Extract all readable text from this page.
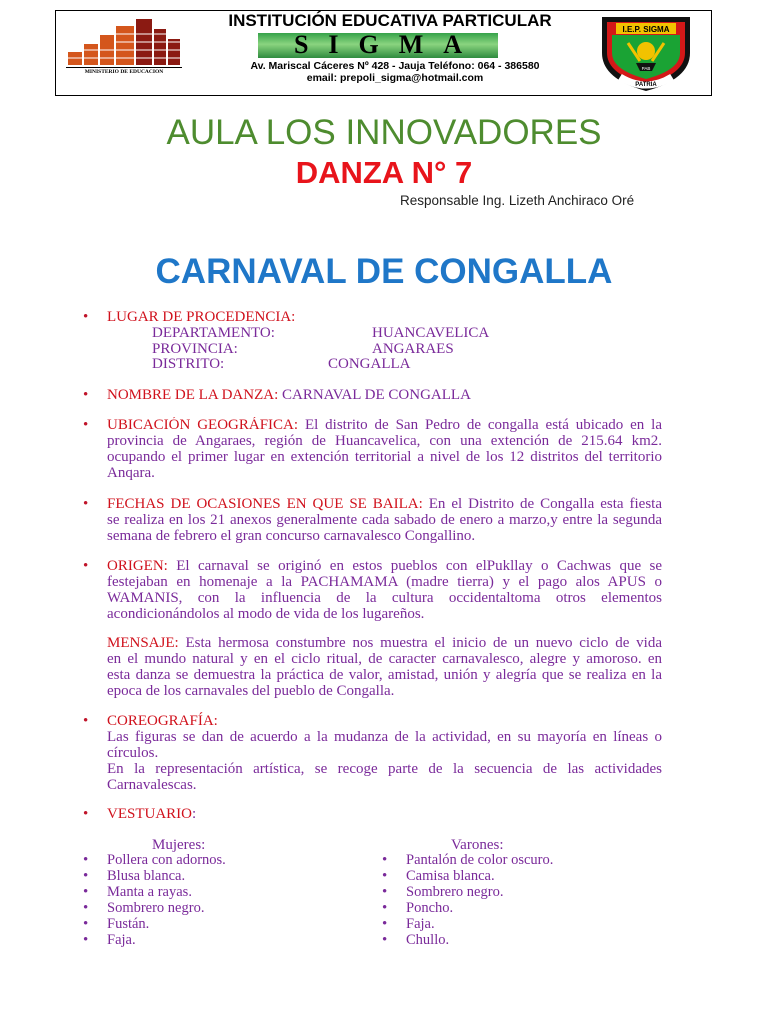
MINISTERIO DE EDUCACION
INSTITUCIÓN EDUCATIVA PARTICULAR
SIGMA
Av. Mariscal Cáceres Nº 428 - Jauja Teléfono: 064 - 386580
email: prepoli_sigma@hotmail.com
I.E.P. SIGMA
PAB
PATRIA
AULA LOS INNOVADORES
DANZA N° 7
Responsable Ing. Lizeth Anchiraco Oré
CARNAVAL DE CONGALLA
• LUGAR DE PROCEDENCIA:
DEPARTAMENTO:	HUANCAVELICA
PROVINCIA:	ANGARAES
DISTRITO:	CONGALLA
• NOMBRE DE LA DANZA: CARNAVAL DE CONGALLA
• UBICACIÓN GEOGRÁFICA: El distrito de San Pedro de congalla está ubicado en la
provincia de Angaraes, región de Huancavelica, con una extención de 215.64 km2.
ocupando el primer lugar en extención territorial a nivel de los 12 distritos del territorio
Anqara.
• FECHAS DE OCASIONES EN QUE SE BAILA: En el Distrito de Congalla esta fiesta
se realiza en los 21 anexos generalmente cada sabado de enero a marzo,y entre la segunda
semana de febrero el gran concurso carnavalesco Congallino.
• ORIGEN: El carnaval se originó en estos pueblos con elPukllay o Cachwas que se
festejaban en homenaje a la PACHAMAMA (madre tierra) y el pago alos APUS o
WAMANIS, con la influencia de la cultura occidentaltoma otros elementos
acondicionándolos al modo de vida de los lugareños.
MENSAJE: Esta hermosa constumbre nos muestra el inicio de un nuevo ciclo de vida
en el mundo natural y en el ciclo ritual, de caracter carnavalesco, alegre y amoroso. en
esta danza se demuestra la práctica de valor, amistad, unión y alegría que se realiza en la
epoca de los carnavales del pueblo de Congalla.
• COREOGRAFÍA:
Las figuras se dan de acuerdo a la mudanza de la actividad, en su mayoría en líneas o
círculos.
En la representación artística, se recoge parte de la secuencia de las actividades
Carnavalescas.
• VESTUARIO:
Mujeres:	Varones:
• Pollera con adornos.
• Blusa blanca.
• Manta a rayas.
• Sombrero negro.
• Fustán.
• Faja.
• Pantalón de color oscuro.
• Camisa blanca.
• Sombrero negro.
• Poncho.
• Faja.
• Chullo.
